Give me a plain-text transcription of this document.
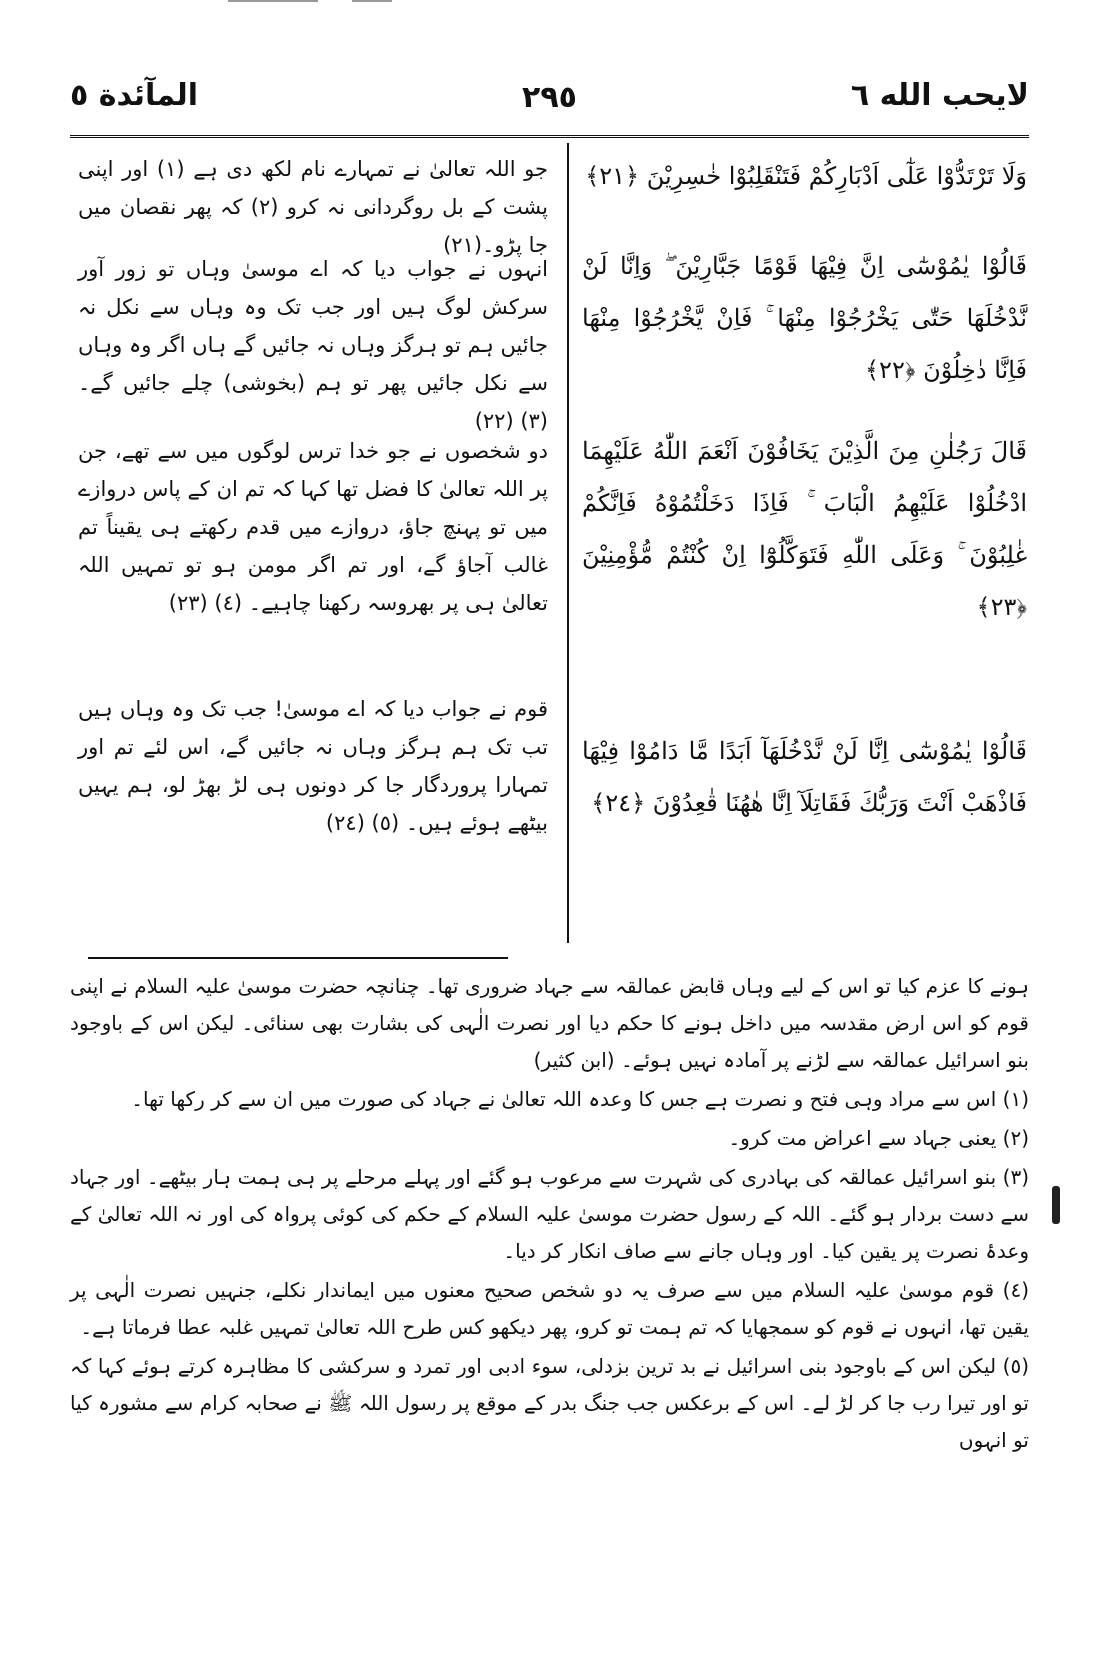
لايحب الله ٦
٢٩٥
المآئدة ٥
وَلَا تَرْتَدُّوْا عَلٰٓى اَدْبَارِكُمْ فَتَنْقَلِبُوْا خٰسِرِيْنَ ﴿٢١﴾
قَالُوْا يٰمُوْسٰٓى اِنَّ فِيْهَا قَوْمًا جَبَّارِيْنَ ۖ وَاِنَّا لَنْ نَّدْخُلَهَا حَتّٰى يَخْرُجُوْا مِنْهَا ۚ فَاِنْ يَّخْرُجُوْا مِنْهَا فَاِنَّا دٰخِلُوْنَ ﴿٢٢﴾
قَالَ رَجُلٰنِ مِنَ الَّذِيْنَ يَخَافُوْنَ اَنْعَمَ اللّٰهُ عَلَيْهِمَا ادْخُلُوْا عَلَيْهِمُ الْبَابَ ۚ فَاِذَا دَخَلْتُمُوْهُ فَاِنَّكُمْ غٰلِبُوْنَ ۚ وَعَلَى اللّٰهِ فَتَوَكَّلُوْٓا اِنْ كُنْتُمْ مُّؤْمِنِيْنَ ﴿٢٣﴾
قَالُوْا يٰمُوْسٰٓى اِنَّا لَنْ نَّدْخُلَهَآ اَبَدًا مَّا دَامُوْا فِيْهَا فَاذْهَبْ اَنْتَ وَرَبُّكَ فَقَاتِلَآ اِنَّا هٰهُنَا قٰعِدُوْنَ ﴿٢٤﴾
جو اللہ تعالیٰ نے تمہارے نام لکھ دی ہے (١) اور اپنی پشت کے بل روگردانی نہ کرو (٢) کہ پھر نقصان میں جا پڑو۔(٢١)
انہوں نے جواب دیا کہ اے موسیٰ وہاں تو زور آور سرکش لوگ ہیں اور جب تک وہ وہاں سے نکل نہ جائیں ہم تو ہرگز وہاں نہ جائیں گے ہاں اگر وہ وہاں سے نکل جائیں پھر تو ہم (بخوشی) چلے جائیں گے۔ (٣) (٢٢)
دو شخصوں نے جو خدا ترس لوگوں میں سے تھے، جن پر اللہ تعالیٰ کا فضل تھا کہا کہ تم ان کے پاس دروازے میں تو پہنچ جاؤ، دروازے میں قدم رکھتے ہی یقیناً تم غالب آجاؤ گے، اور تم اگر مومن ہو تو تمہیں اللہ تعالیٰ ہی پر بھروسہ رکھنا چاہیے۔ (٤) (٢٣)
قوم نے جواب دیا کہ اے موسیٰ! جب تک وہ وہاں ہیں تب تک ہم ہرگز وہاں نہ جائیں گے، اس لئے تم اور تمہارا پروردگار جا کر دونوں ہی لڑ بھڑ لو، ہم یہیں بیٹھے ہوئے ہیں۔ (٥) (٢٤)

ہونے کا عزم کیا تو اس کے لیے وہاں قابض عمالقہ سے جہاد ضروری تھا۔ چنانچہ حضرت موسیٰ علیہ السلام نے اپنی قوم کو اس ارض مقدسہ میں داخل ہونے کا حکم دیا اور نصرت الٰہی کی بشارت بھی سنائی۔ لیکن اس کے باوجود بنو اسرائیل عمالقہ سے لڑنے پر آمادہ نہیں ہوئے۔ (ابن کثیر)

(١) اس سے مراد وہی فتح و نصرت ہے جس کا وعدہ اللہ تعالیٰ نے جہاد کی صورت میں ان سے کر رکھا تھا۔

(٢) یعنی جہاد سے اعراض مت کرو۔

(٣) بنو اسرائیل عمالقہ کی بہادری کی شہرت سے مرعوب ہو گئے اور پہلے مرحلے پر ہی ہمت ہار بیٹھے۔ اور جہاد سے دست بردار ہو گئے۔ اللہ کے رسول حضرت موسیٰ علیہ السلام کے حکم کی کوئی پرواہ کی اور نہ اللہ تعالیٰ کے وعدۂ نصرت پر یقین کیا۔ اور وہاں جانے سے صاف انکار کر دیا۔

(٤) قوم موسیٰ علیہ السلام میں سے صرف یہ دو شخص صحیح معنوں میں ایماندار نکلے، جنہیں نصرت الٰہی پر یقین تھا، انہوں نے قوم کو سمجھایا کہ تم ہمت تو کرو، پھر دیکھو کس طرح اللہ تعالیٰ تمہیں غلبہ عطا فرماتا ہے۔

(٥) لیکن اس کے باوجود بنی اسرائیل نے بد ترین بزدلی، سوء ادبی اور تمرد و سرکشی کا مظاہرہ کرتے ہوئے کہا کہ تو اور تیرا رب جا کر لڑ لے۔ اس کے برعکس جب جنگ بدر کے موقع پر رسول اللہ ﷺ نے صحابہ کرام سے مشورہ کیا تو انہوں
